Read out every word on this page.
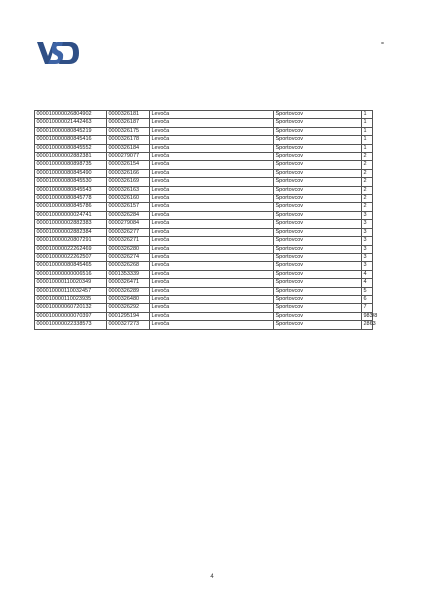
000010000026804902	0000326181	Levoča	Športovcov	1
000010000021442463	0000326187	Levoča	Športovcov	1
000010000080845219	0000326175	Levoča	Športovcov	1
000010000080845416	0000326178	Levoča	Športovcov	1
000010000080845552	0000326184	Levoča	Športovcov	1
000010000002882381	0000279077	Levoča	Športovcov	2
000010000080898735	0000326154	Levoča	Športovcov	2
000010000080845490	0000326166	Levoča	Športovcov	2
000010000080845530	0000326169	Levoča	Športovcov	2
000010000080845543	0000326163	Levoča	Športovcov	2
000010000080845778	0000326160	Levoča	Športovcov	2
000010000080845786	0000326157	Levoča	Športovcov	2
000010000000024741	0000326284	Levoča	Športovcov	3
000010000002882383	0000279084	Levoča	Športovcov	3
000010000002882384	0000326277	Levoča	Športovcov	3
000010000020807291	0000326271	Levoča	Športovcov	3
000010000022262469	0000326280	Levoča	Športovcov	3
000010000022262507	0000326274	Levoča	Športovcov	3
000010000080845465	0000326268	Levoča	Športovcov	3
000010000000006516	0001353339	Levoča	Športovcov	4
000010000110020349	0000326471	Levoča	Športovcov	4
000010000110032457	0000326289	Levoča	Športovcov	5
000010000110023935	0000326480	Levoča	Športovcov	6
000010000060720132	0000326292	Levoča	Športovcov	7
000010000000070397	0001295194	Levoča	Športovcov	983/8
000010000022338573	0000327273	Levoča	Športovcov	2863
4
